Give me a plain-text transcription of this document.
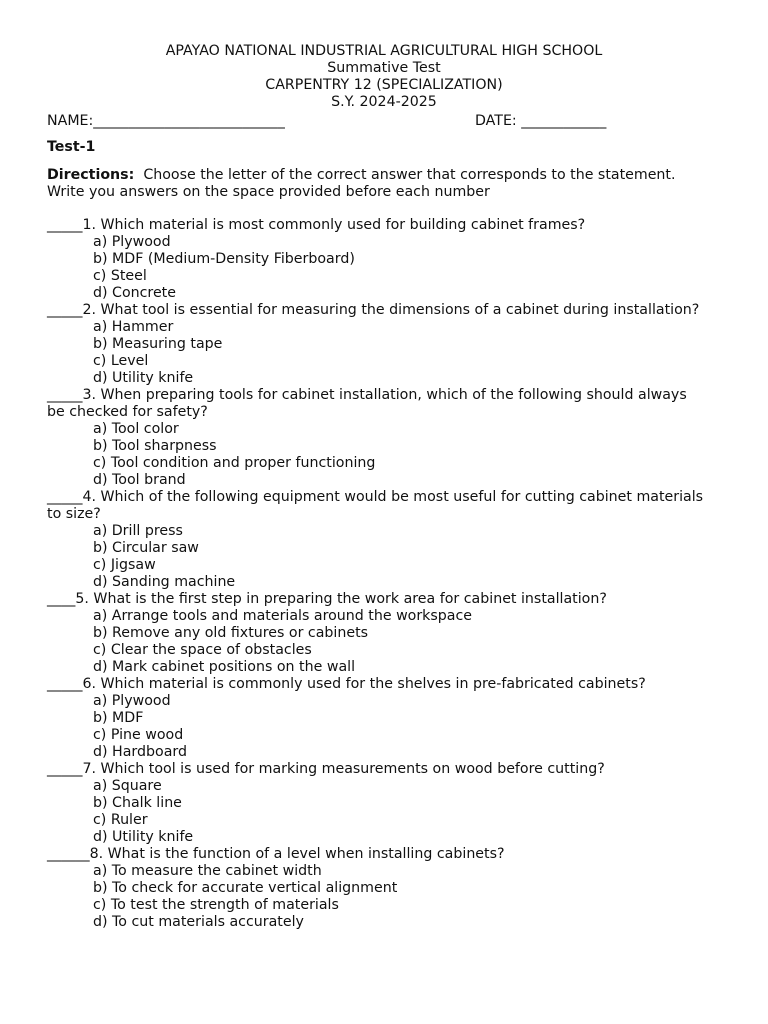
APAYAO NATIONAL INDUSTRIAL AGRICULTURAL HIGH SCHOOL
Summative Test
CARPENTRY 12 (SPECIALIZATION)
S.Y. 2024-2025
NAME:___________________________	DATE: ____________
Test-1
Directions: Choose the letter of the correct answer that corresponds to the statement. Write you answers on the space provided before each number
_____1. Which material is most commonly used for building cabinet frames?
a) Plywood
b) MDF (Medium-Density Fiberboard)
c) Steel
d) Concrete
_____2. What tool is essential for measuring the dimensions of a cabinet during installation?
a) Hammer
b) Measuring tape
c) Level
d) Utility knife
_____3. When preparing tools for cabinet installation, which of the following should always be checked for safety?
a) Tool color
b) Tool sharpness
c) Tool condition and proper functioning
d) Tool brand
_____4. Which of the following equipment would be most useful for cutting cabinet materials to size?
a) Drill press
b) Circular saw
c) Jigsaw
d) Sanding machine
____5. What is the first step in preparing the work area for cabinet installation?
a) Arrange tools and materials around the workspace
b) Remove any old fixtures or cabinets
c) Clear the space of obstacles
d) Mark cabinet positions on the wall
_____6. Which material is commonly used for the shelves in pre-fabricated cabinets?
a) Plywood
b) MDF
c) Pine wood
d) Hardboard
_____7. Which tool is used for marking measurements on wood before cutting?
a) Square
b) Chalk line
c) Ruler
d) Utility knife
______8. What is the function of a level when installing cabinets?
a) To measure the cabinet width
b) To check for accurate vertical alignment
c) To test the strength of materials
d) To cut materials accurately
